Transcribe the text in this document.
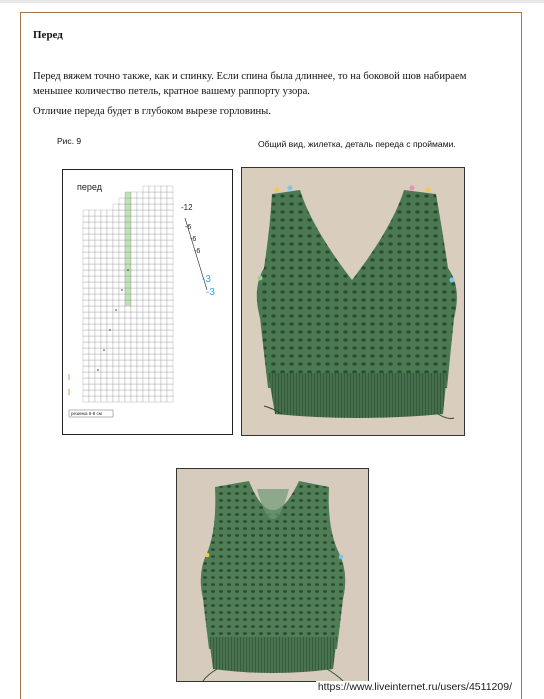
Перед

Перед вяжем точно также, как и спинку. Если спина была длиннее, то на боковой шов набираем меньшее количество петель, кратное вашему раппорту узора.

Отличие переда будет в глубоком вырезе горловины.

Рис. 9	Общий вид, жилетка, деталь переда с проймами.
перед
-12
-6
-6
-6
-3
-3
резинка 6-8 см
https://www.liveinternet.ru/users/4511209/
